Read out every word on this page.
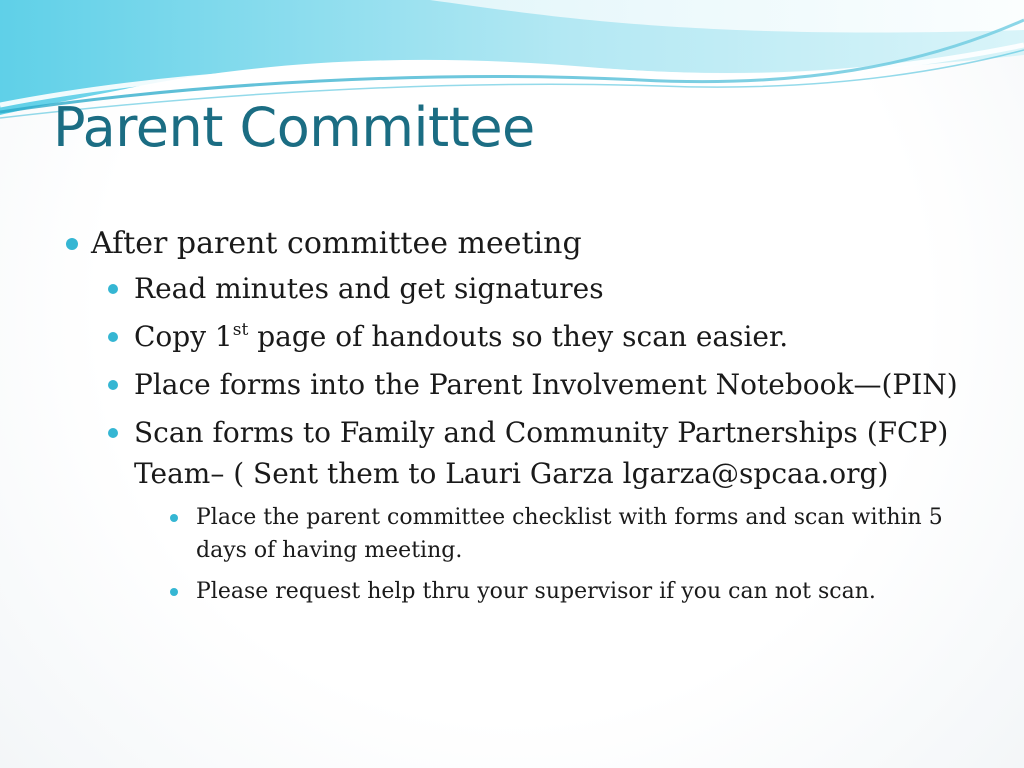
Parent Committee
After parent committee meeting
Read minutes and get signatures
Copy 1st page of handouts so they scan easier.
Place forms into the Parent Involvement Notebook—(PIN)
Scan forms to Family and Community Partnerships (FCP) Team– ( Sent them to Lauri Garza lgarza@spcaa.org)
Place the parent committee checklist with forms and scan within 5 days of having meeting.
Please request help thru your supervisor if you can not scan.
